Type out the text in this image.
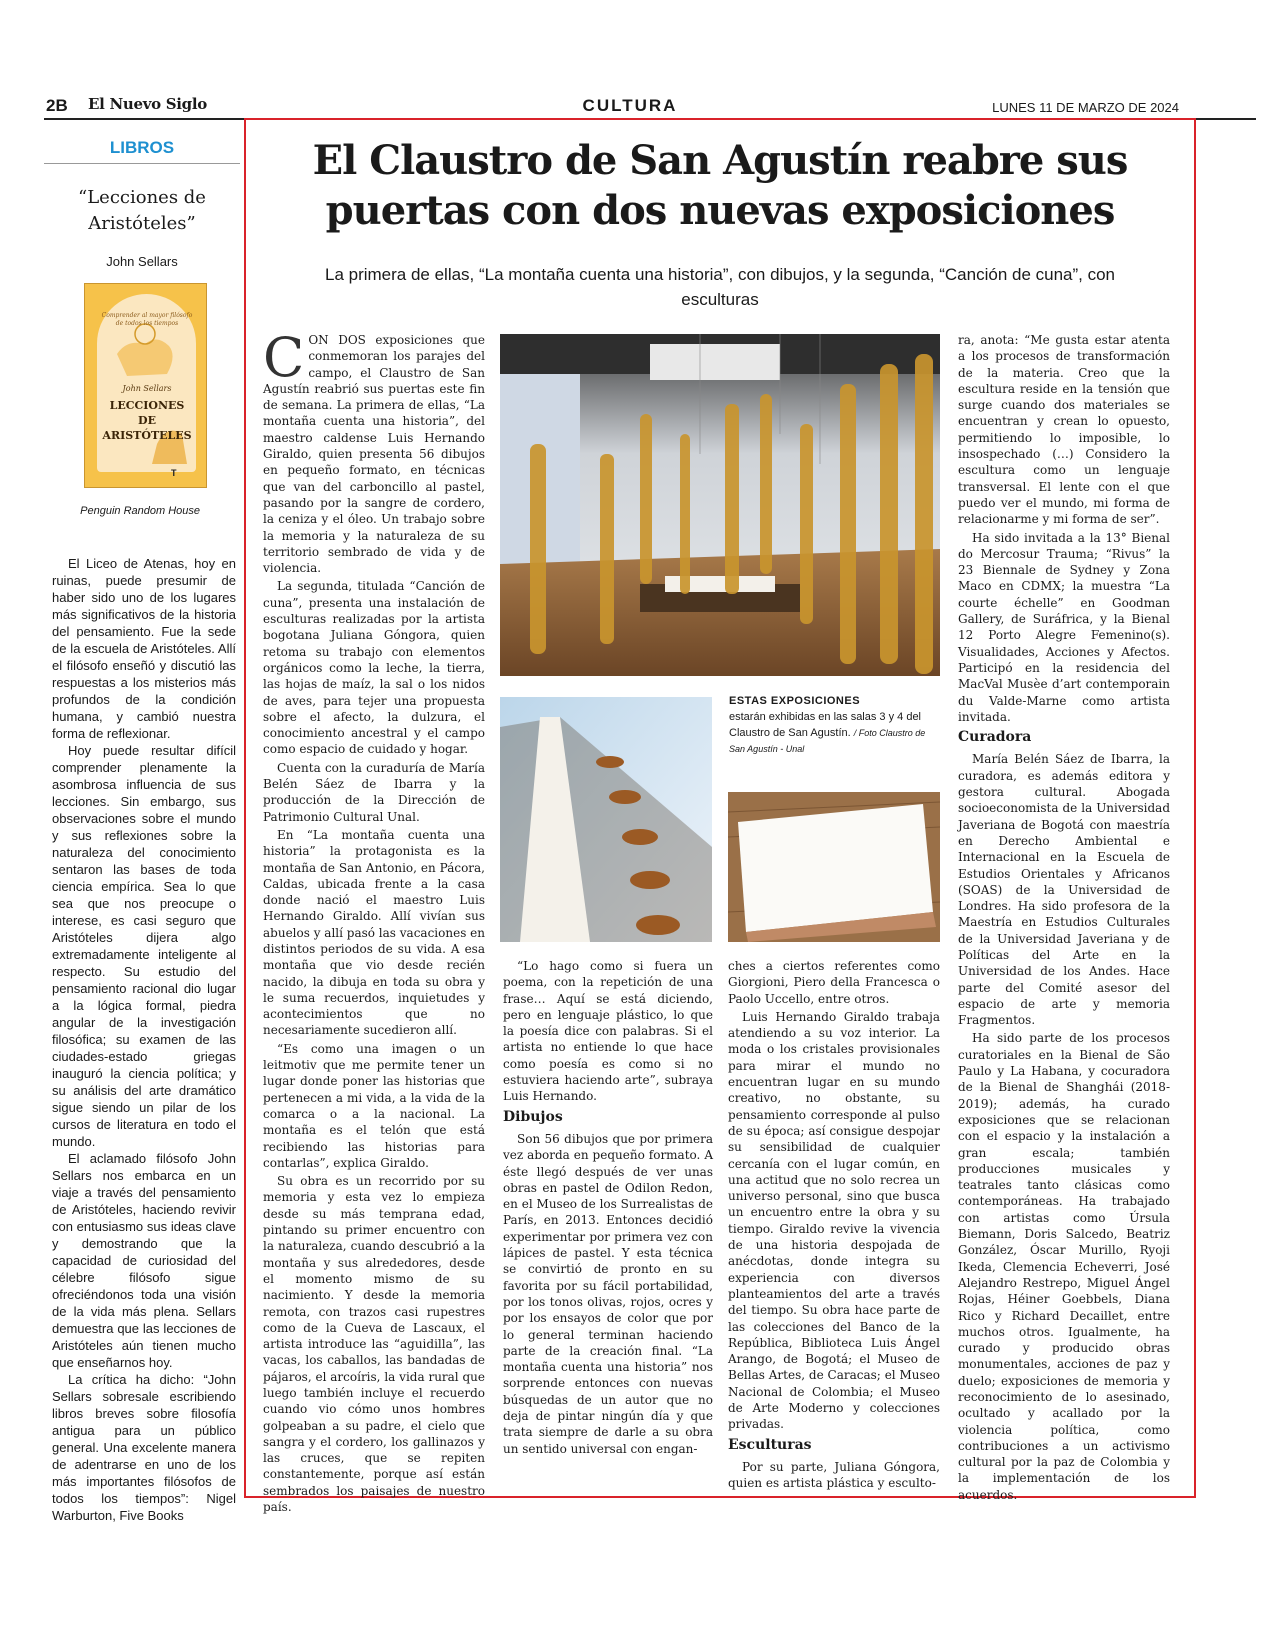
2B El Nuevo Siglo	CULTURA	LUNES 11 DE MARZO DE 2024
LIBROS
“Lecciones de Aristóteles”
John Sellars
Comprender al mayor filósofo de todos los tiempos
John Sellars
LECCIONES DE ARISTÓTELES
T
Penguin Random House

El Liceo de Atenas, hoy en ruinas, puede presumir de haber sido uno de los lugares más significativos de la historia del pensamiento. Fue la sede de la escuela de Aristóteles. Allí el filósofo enseñó y discutió las respuestas a los misterios más profundos de la condición humana, y cambió nuestra forma de reflexionar.

Hoy puede resultar difícil comprender plenamente la asombrosa influencia de sus lecciones. Sin embargo, sus observaciones sobre el mundo y sus reflexiones sobre la naturaleza del conocimiento sentaron las bases de toda ciencia empírica. Sea lo que sea que nos preocupe o interese, es casi seguro que Aristóteles dijera algo extremadamente inteligente al respecto. Su estudio del pensamiento racional dio lugar a la lógica formal, piedra angular de la investigación filosófica; su examen de las ciudades-estado griegas inauguró la ciencia política; y su análisis del arte dramático sigue siendo un pilar de los cursos de literatura en todo el mundo.

El aclamado filósofo John Sellars nos embarca en un viaje a través del pensamiento de Aristóteles, haciendo revivir con entusiasmo sus ideas clave y demostrando que la capacidad de curiosidad del célebre filósofo sigue ofreciéndonos toda una visión de la vida más plena. Sellars demuestra que las lecciones de Aristóteles aún tienen mucho que enseñarnos hoy.

La crítica ha dicho: “John Sellars sobresale escribiendo libros breves sobre filosofía antigua para un público general. Una excelente manera de adentrarse en uno de los más importantes filósofos de todos los tiempos”: Nigel Warburton, Five Books

El Claustro de San Agustín reabre sus puertas con dos nuevas exposiciones
La primera de ellas, “La montaña cuenta una historia”, con dibujos, y la segunda, “Canción de cuna”, con esculturas

CON DOS exposiciones que conmemoran los parajes del campo, el Claustro de San Agustín reabrió sus puertas este fin de semana. La primera de ellas, “La montaña cuenta una historia”, del maestro caldense Luis Hernando Giraldo, quien presenta 56 dibujos en pequeño formato, en técnicas que van del carboncillo al pastel, pasando por la sangre de cordero, la ceniza y el óleo. Un trabajo sobre la memoria y la naturaleza de su territorio sembrado de vida y de violencia.

La segunda, titulada “Canción de cuna”, presenta una instalación de esculturas realizadas por la artista bogotana Juliana Góngora, quien retoma su trabajo con elementos orgánicos como la leche, la tierra, las hojas de maíz, la sal o los nidos de aves, para tejer una propuesta sobre el afecto, la dulzura, el conocimiento ancestral y el campo como espacio de cuidado y hogar.

Cuenta con la curaduría de María Belén Sáez de Ibarra y la producción de la Dirección de Patrimonio Cultural Unal.

En “La montaña cuenta una historia” la protagonista es la montaña de San Antonio, en Pácora, Caldas, ubicada frente a la casa donde nació el maestro Luis Hernando Giraldo. Allí vivían sus abuelos y allí pasó las vacaciones en distintos periodos de su vida. A esa montaña que vio desde recién nacido, la dibuja en toda su obra y le suma recuerdos, inquietudes y acontecimientos que no necesariamente sucedieron allí.

“Es como una imagen o un leitmotiv que me permite tener un lugar donde poner las historias que pertenecen a mi vida, a la vida de la comarca o a la nacional. La montaña es el telón que está recibiendo las historias para contarlas”, explica Giraldo.

Su obra es un recorrido por su memoria y esta vez lo empieza desde su más temprana edad, pintando su primer encuentro con la naturaleza, cuando descubrió a la montaña y sus alrededores, desde el momento mismo de su nacimiento. Y desde la memoria remota, con trazos casi rupestres como de la Cueva de Lascaux, el artista introduce las “aguidilla”, las vacas, los caballos, las bandadas de pájaros, el arcoíris, la vida rural que luego también incluye el recuerdo cuando vio cómo unos hombres golpeaban a su padre, el cielo que sangra y el cordero, los gallinazos y las cruces, que se repiten constantemente, porque así están sembrados los paisajes de nuestro país.

ESTAS EXPOSICIONES
estarán exhibidas en las salas 3 y 4 del Claustro de San Agustín. / Foto Claustro de San Agustín - Unal

“Lo hago como si fuera un poema, con la repetición de una frase… Aquí se está diciendo, pero en lenguaje plástico, lo que la poesía dice con palabras. Si el artista no entiende lo que hace como poesía es como si no estuviera haciendo arte”, subraya Luis Hernando.

Dibujos

Son 56 dibujos que por primera vez aborda en pequeño formato. A éste llegó después de ver unas obras en pastel de Odilon Redon, en el Museo de los Surrealistas de París, en 2013. Entonces decidió experimentar por primera vez con lápices de pastel. Y esta técnica se convirtió de pronto en su favorita por su fácil portabilidad, por los tonos olivas, rojos, ocres y por los ensayos de color que por lo general terminan haciendo parte de la creación final. “La montaña cuenta una historia” nos sorprende entonces con nuevas búsquedas de un autor que no deja de pintar ningún día y que trata siempre de darle a su obra un sentido universal con engan-

ches a ciertos referentes como Giorgioni, Piero della Francesca o Paolo Uccello, entre otros.

Luis Hernando Giraldo trabaja atendiendo a su voz interior. La moda o los cristales provisionales para mirar el mundo no encuentran lugar en su mundo creativo, no obstante, su pensamiento corresponde al pulso de su época; así consigue despojar su sensibilidad de cualquier cercanía con el lugar común, en una actitud que no solo recrea un universo personal, sino que busca un encuentro entre la obra y su tiempo. Giraldo revive la vivencia de una historia despojada de anécdotas, donde integra su experiencia con diversos planteamientos del arte a través del tiempo. Su obra hace parte de las colecciones del Banco de la República, Biblioteca Luis Ángel Arango, de Bogotá; el Museo de Bellas Artes, de Caracas; el Museo Nacional de Colombia; el Museo de Arte Moderno y colecciones privadas.

Esculturas

Por su parte, Juliana Góngora, quien es artista plástica y esculto-

ra, anota: “Me gusta estar atenta a los procesos de transformación de la materia. Creo que la escultura reside en la tensión que surge cuando dos materiales se encuentran y crean lo opuesto, permitiendo lo imposible, lo insospechado (…) Considero la escultura como un lenguaje transversal. El lente con el que puedo ver el mundo, mi forma de relacionarme y mi forma de ser”.

Ha sido invitada a la 13° Bienal do Mercosur Trauma; “Rivus” la 23 Biennale de Sydney y Zona Maco en CDMX; la muestra “La courte échelle” en Goodman Gallery, de Suráfrica, y la Bienal 12 Porto Alegre Femenino(s). Visualidades, Acciones y Afectos. Participó en la residencia del MacVal Musèe d’art contemporain du Valde-Marne como artista invitada.

Curadora

María Belén Sáez de Ibarra, la curadora, es además editora y gestora cultural. Abogada socioeconomista de la Universidad Javeriana de Bogotá con maestría en Derecho Ambiental e Internacional en la Escuela de Estudios Orientales y Africanos (SOAS) de la Universidad de Londres. Ha sido profesora de la Maestría en Estudios Culturales de la Universidad Javeriana y de Políticas del Arte en la Universidad de los Andes. Hace parte del Comité asesor del espacio de arte y memoria Fragmentos.

Ha sido parte de los procesos curatoriales en la Bienal de São Paulo y La Habana, y cocuradora de la Bienal de Shanghái (2018-2019); además, ha curado exposiciones que se relacionan con el espacio y la instalación a gran escala; también producciones musicales y teatrales tanto clásicas como contemporáneas. Ha trabajado con artistas como Úrsula Biemann, Doris Salcedo, Beatriz González, Óscar Murillo, Ryoji Ikeda, Clemencia Echeverri, José Alejandro Restrepo, Miguel Ángel Rojas, Héiner Goebbels, Diana Rico y Richard Decaillet, entre muchos otros. Igualmente, ha curado y producido obras monumentales, acciones de paz y duelo; exposiciones de memoria y reconocimiento de lo asesinado, ocultado y acallado por la violencia política, como contribuciones a un activismo cultural por la paz de Colombia y la implementación de los acuerdos.
